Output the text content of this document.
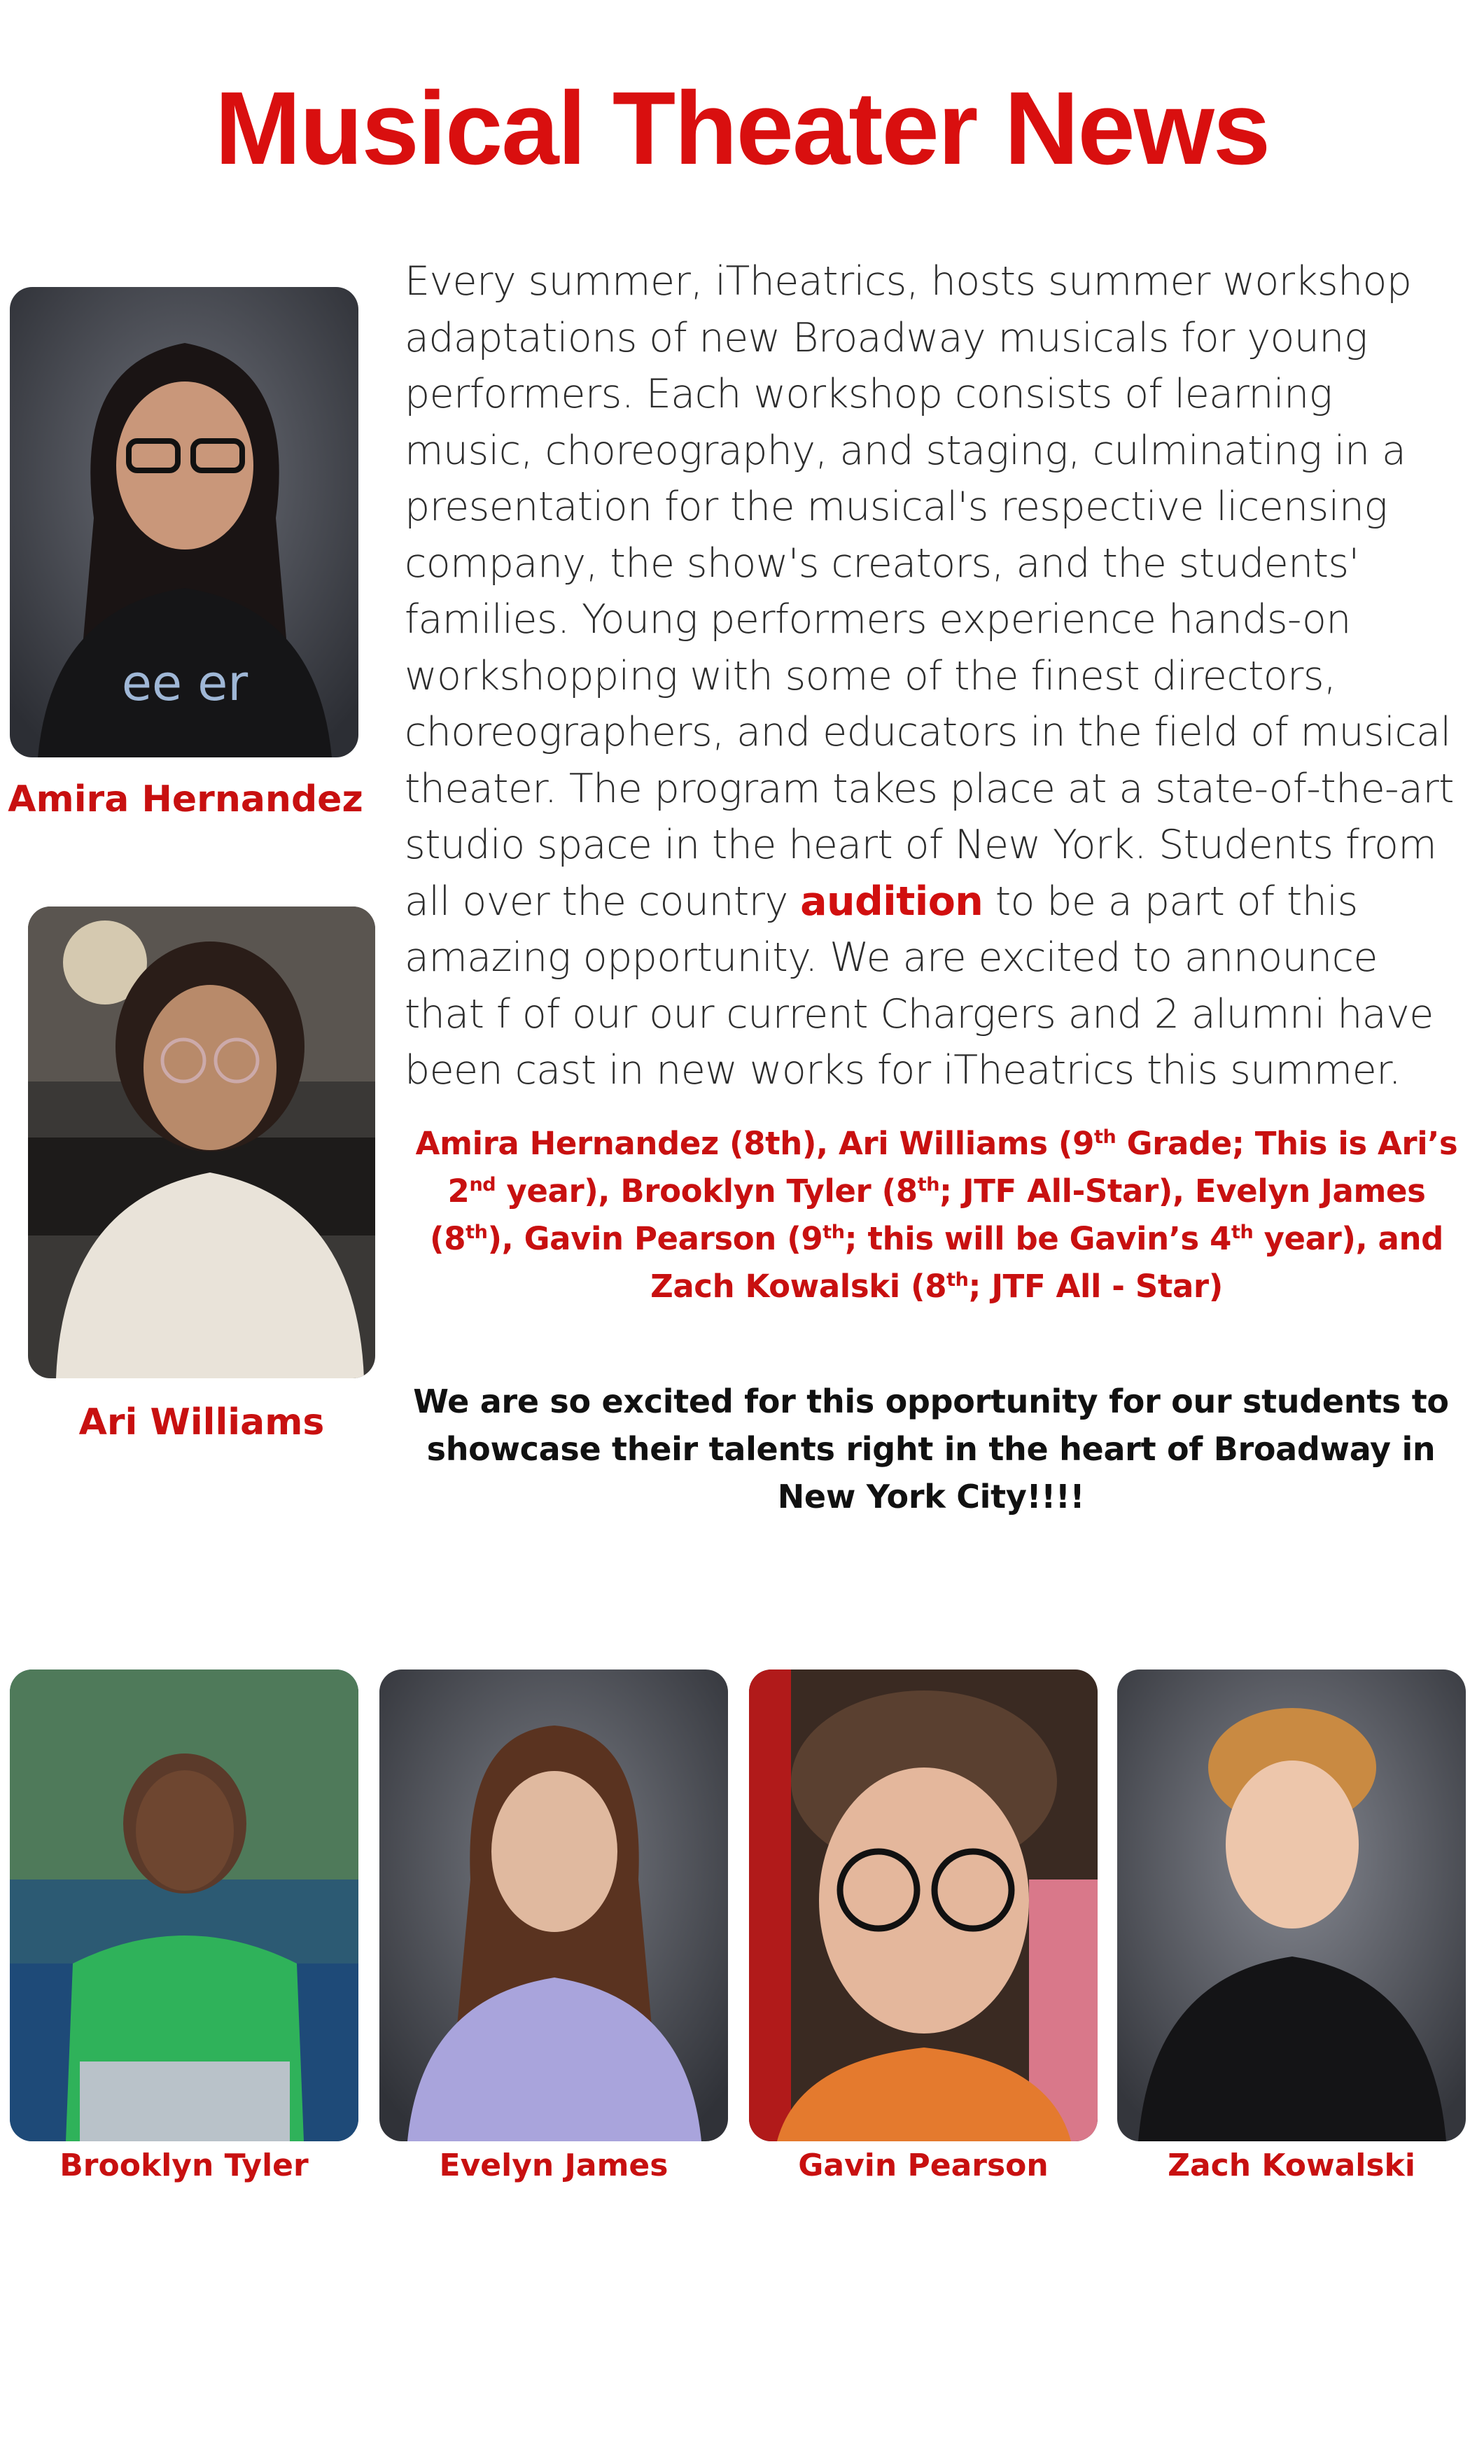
Musical Theater News
ee er

Amira Hernandez

Ari Williams

Every summer, iTheatrics, hosts summer workshop adaptations of new Broadway musicals for young performers. Each workshop consists of learning music, choreography, and staging, culminating in a presentation for the musical's respective licensing company, the show's creators, and the students' families. Young performers experience hands-on workshopping with some of the finest directors, choreographers, and educators in the field of musical theater. The program takes place at a state-of-the-art studio space in the heart of New York. Students from all over the country audition to be a part of this amazing opportunity. We are excited to announce that f of our our current Chargers and 2 alumni have been cast in new works for iTheatrics this summer.

Amira Hernandez (8th), Ari Williams (9th Grade; This is Ari’s 2nd year), Brooklyn Tyler (8th; JTF All-Star), Evelyn James (8th), Gavin Pearson (9th; this will be Gavin’s 4th year), and Zach Kowalski (8th; JTF All - Star)

We are so excited for this opportunity for our students to showcase their talents right in the heart of Broadway in New York City!!!!

Brooklyn Tyler	Evelyn James	Gavin Pearson	Zach Kowalski
